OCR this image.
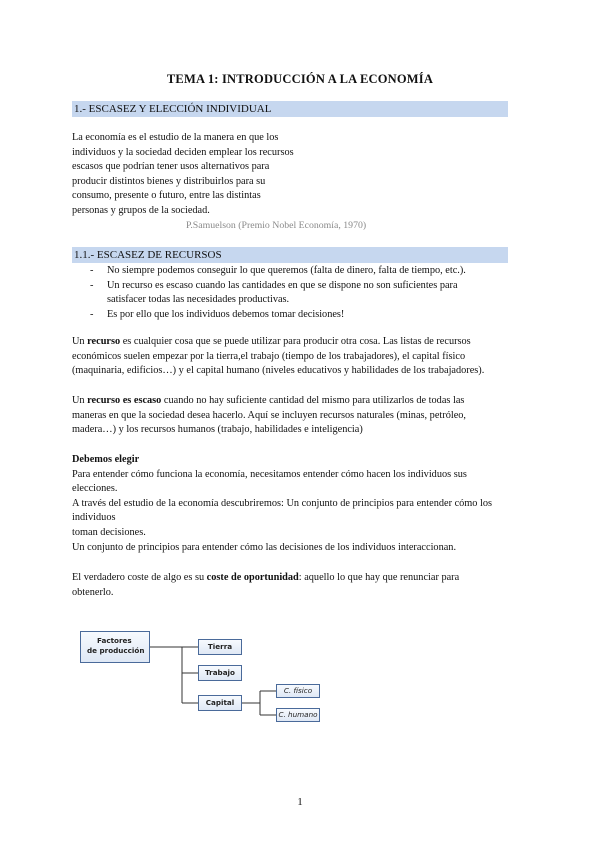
TEMA 1: INTRODUCCIÓN A LA ECONOMÍA
1.- ESCASEZ Y ELECCIÓN INDIVIDUAL
La economía es el estudio de la manera en que los
individuos y la sociedad deciden emplear los recursos
escasos que podrían tener usos alternativos para
producir distintos bienes y distribuirlos para su
consumo, presente o futuro, entre las distintas
personas y grupos de la sociedad.
P.Samuelson (Premio Nobel Economía, 1970)
1.1.- ESCASEZ DE RECURSOS
- No siempre podemos conseguir lo que queremos (falta de dinero, falta de tiempo, etc.).
- Un recurso es escaso cuando las cantidades en que se dispone no son suficientes para
satisfacer todas las necesidades productivas.
- Es por ello que los individuos debemos tomar decisiones!
Un recurso es cualquier cosa que se puede utilizar para producir otra cosa. Las listas de recursos
económicos suelen empezar por la tierra,el trabajo (tiempo de los trabajadores), el capital físico
(maquinaria, edificios…) y el capital humano (niveles educativos y habilidades de los trabajadores).
Un recurso es escaso cuando no hay suficiente cantidad del mismo para utilizarlos de todas las
maneras en que la sociedad desea hacerlo. Aquí se incluyen recursos naturales (minas, petróleo,
madera…) y los recursos humanos (trabajo, habilidades e inteligencia)
Debemos elegir
Para entender cómo funciona la economía, necesitamos entender cómo hacen los individuos sus
elecciones.
A través del estudio de la economía descubriremos: Un conjunto de principios para entender cómo los
individuos
toman decisiones.
Un conjunto de principios para entender cómo las decisiones de los individuos interaccionan.
El verdadero coste de algo es su coste de oportunidad: aquello lo que hay que renunciar para
obtenerlo.
Factores
de producción	Tierra
Trabajo
Capital
C. físico
C. humano
1
